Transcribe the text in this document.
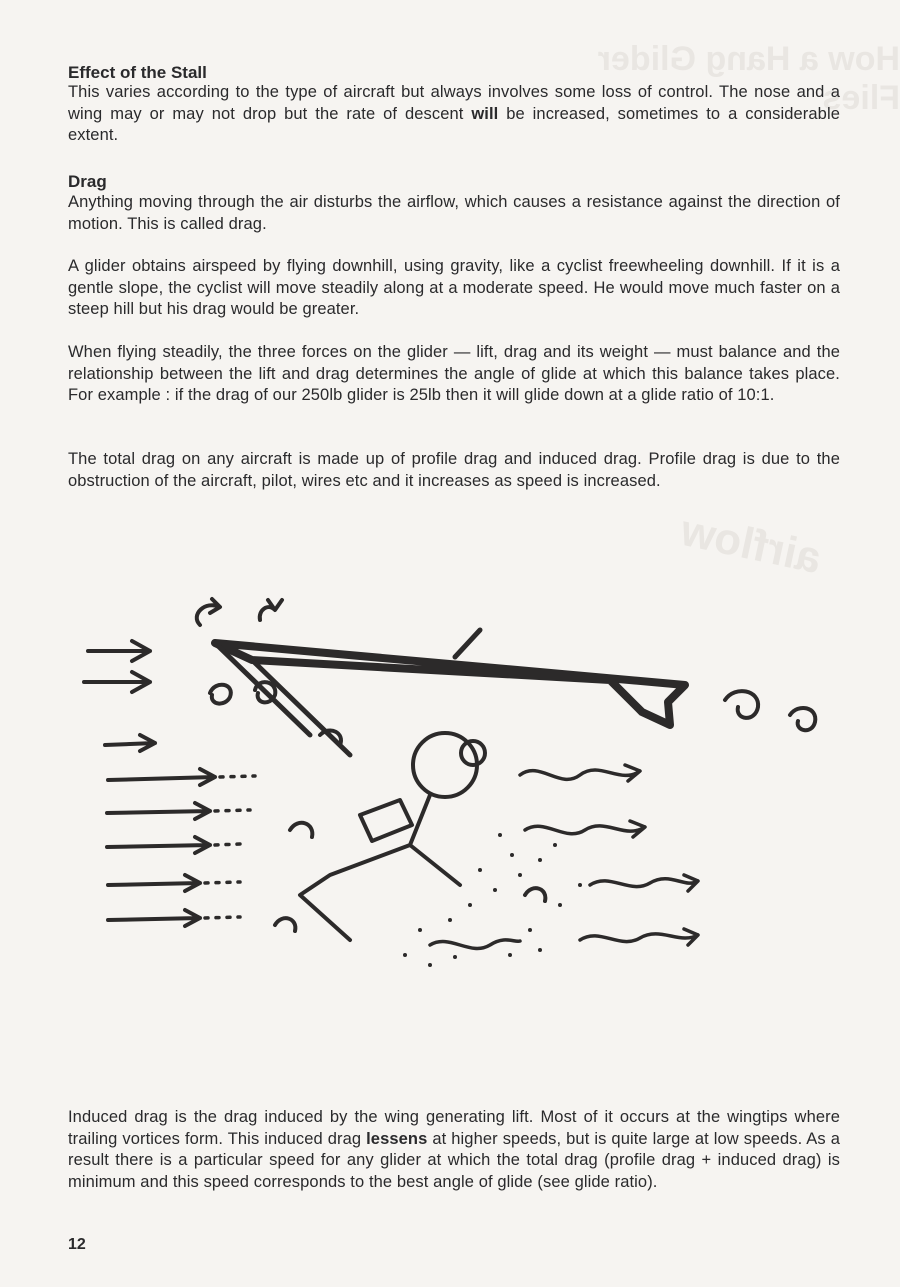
How a Hang Glider Flies
airflow
Effect of the Stall

This varies according to the type of aircraft but always involves some loss of control. The nose and a wing may or may not drop but the rate of descent will be increased, sometimes to a considerable extent.

Drag

Anything moving through the air disturbs the airflow, which causes a resistance against the direction of motion. This is called drag.

A glider obtains airspeed by flying downhill, using gravity, like a cyclist freewheeling downhill. If it is a gentle slope, the cyclist will move steadily along at a moderate speed. He would move much faster on a steep hill but his drag would be greater.

When flying steadily, the three forces on the glider — lift, drag and its weight — must balance and the relationship between the lift and drag determines the angle of glide at which this balance takes place. For example : if the drag of our 250lb glider is 25lb then it will glide down at a glide ratio of 10:1.

The total drag on any aircraft is made up of profile drag and induced drag. Profile drag is due to the obstruction of the aircraft, pilot, wires etc and it increases as speed is increased.

Induced drag is the drag induced by the wing generating lift. Most of it occurs at the wingtips where trailing vortices form. This induced drag lessens at higher speeds, but is quite large at low speeds. As a result there is a particular speed for any glider at which the total drag (profile drag + induced drag) is minimum and this speed corresponds to the best angle of glide (see glide ratio).

12
